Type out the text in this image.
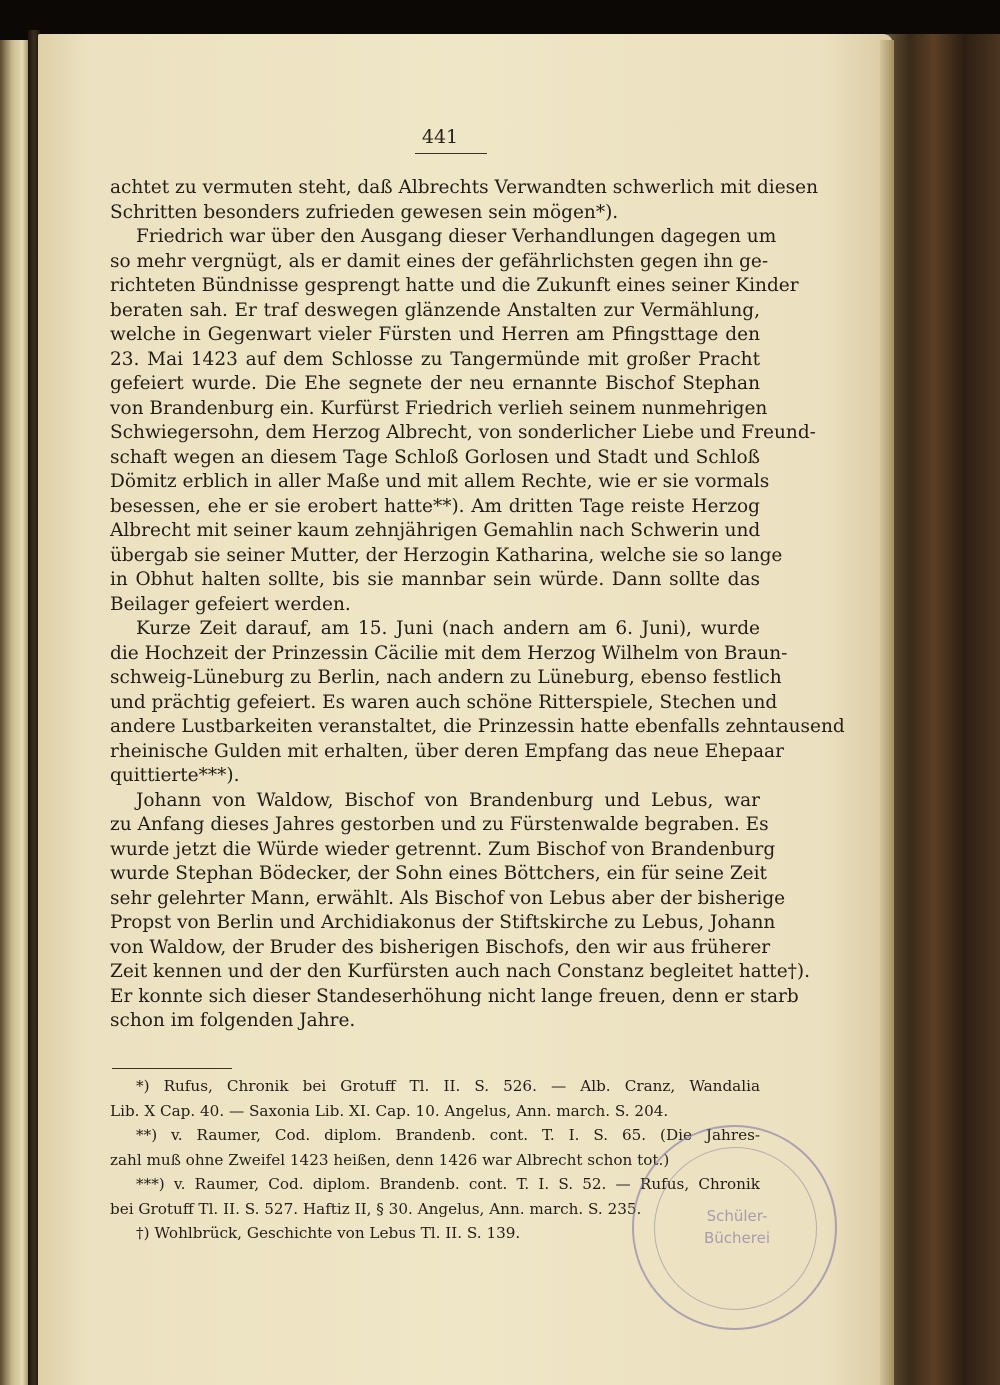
441
achtet zu vermuten steht, daß Albrechts Verwandten schwerlich mit diesen
Schritten besonders zufrieden gewesen sein mögen*).
Friedrich war über den Ausgang dieser Verhandlungen dagegen um
so mehr vergnügt, als er damit eines der gefährlichsten gegen ihn ge-
richteten Bündnisse gesprengt hatte und die Zukunft eines seiner Kinder
beraten sah. Er traf deswegen glänzende Anstalten zur Vermählung,
welche in Gegenwart vieler Fürsten und Herren am Pfingsttage den
23. Mai 1423 auf dem Schlosse zu Tangermünde mit großer Pracht
gefeiert wurde. Die Ehe segnete der neu ernannte Bischof Stephan
von Brandenburg ein. Kurfürst Friedrich verlieh seinem nunmehrigen
Schwiegersohn, dem Herzog Albrecht, von sonderlicher Liebe und Freund-
schaft wegen an diesem Tage Schloß Gorlosen und Stadt und Schloß
Dömitz erblich in aller Maße und mit allem Rechte, wie er sie vormals
besessen, ehe er sie erobert hatte**). Am dritten Tage reiste Herzog
Albrecht mit seiner kaum zehnjährigen Gemahlin nach Schwerin und
übergab sie seiner Mutter, der Herzogin Katharina, welche sie so lange
in Obhut halten sollte, bis sie mannbar sein würde. Dann sollte das
Beilager gefeiert werden.
Kurze Zeit darauf, am 15. Juni (nach andern am 6. Juni), wurde
die Hochzeit der Prinzessin Cäcilie mit dem Herzog Wilhelm von Braun-
schweig-Lüneburg zu Berlin, nach andern zu Lüneburg, ebenso festlich
und prächtig gefeiert. Es waren auch schöne Ritterspiele, Stechen und
andere Lustbarkeiten veranstaltet, die Prinzessin hatte ebenfalls zehntausend
rheinische Gulden mit erhalten, über deren Empfang das neue Ehepaar
quittierte***).
Johann von Waldow, Bischof von Brandenburg und Lebus, war
zu Anfang dieses Jahres gestorben und zu Fürstenwalde begraben. Es
wurde jetzt die Würde wieder getrennt. Zum Bischof von Brandenburg
wurde Stephan Bödecker, der Sohn eines Böttchers, ein für seine Zeit
sehr gelehrter Mann, erwählt. Als Bischof von Lebus aber der bisherige
Propst von Berlin und Archidiakonus der Stiftskirche zu Lebus, Johann
von Waldow, der Bruder des bisherigen Bischofs, den wir aus früherer
Zeit kennen und der den Kurfürsten auch nach Constanz begleitet hatte†).
Er konnte sich dieser Standeserhöhung nicht lange freuen, denn er starb
schon im folgenden Jahre.
*) Rufus, Chronik bei Grotuff Tl. II. S. 526. — Alb. Cranz, Wandalia
Lib. X Cap. 40. — Saxonia Lib. XI. Cap. 10. Angelus, Ann. march. S. 204.
**) v. Raumer, Cod. diplom. Brandenb. cont. T. I. S. 65. (Die Jahres-
zahl muß ohne Zweifel 1423 heißen, denn 1426 war Albrecht schon tot.)
***) v. Raumer, Cod. diplom. Brandenb. cont. T. I. S. 52. — Rufus, Chronik
bei Grotuff Tl. II. S. 527. Haftiz II, § 30. Angelus, Ann. march. S. 235.
†) Wohlbrück, Geschichte von Lebus Tl. II. S. 139.
Schüler-
Bücherei
